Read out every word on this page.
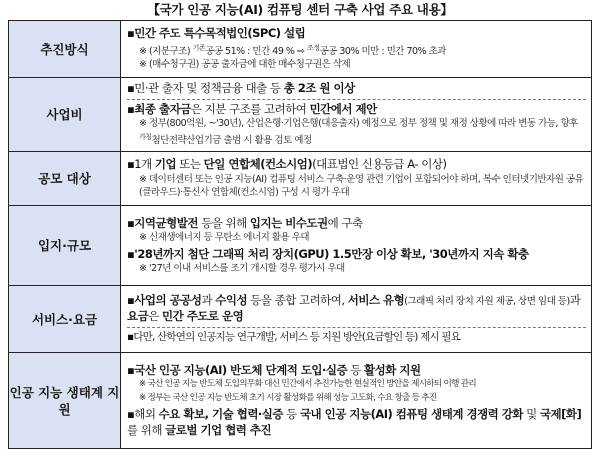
【국가 인공 지능(AI) 컴퓨팅 센터 구축 사업 주요 내용】
추진방식	▪민간 주도 특수목적법인(SPC) 설립
※ (지분구조) $^{기존}$공공 51% : 민간 49 % ⇨ $^{조정}$공공 30% 미만 : 민간 70% 초과
※ (매수청구권) 공공 출자금에 대한 매수청구권은 삭제

사업비	▪민·관 출자 및 정책금융 대출 등 총 2조 원 이상
▪최종 출자금은 지분 구조를 고려하여 민간에서 제안
※ 정부(800억원, ~'30년), 산업은행·기업은행(대응출자) 예정으로 정부 정책 및 재정 상황에 따라 변동 가능, 향후 $^{가칭}$첨단전략산업기금 출범 시 활용 검토 예정

공모 대상	▪1개 기업 또는 단일 연합체(컨소시엄)(대표법인 신용등급 A- 이상)
※ 데이터센터 또는 인공 지능(AI) 컴퓨팅 서비스 구축·운영 관련 기업이 포함되어야 하며, 복수 인터넷기반자원 공유(클라우드)·통신사 연합체(컨소시엄) 구성 시 평가 우대

입지·규모	▪지역균형발전 등을 위해 입지는 비수도권에 구축
※ 신재생에너지 등 무탄소 에너지 활용 우대
▪'28년까지 첨단 그래픽 처리 장치(GPU) 1.5만장 이상 확보, '30년까지 지속 확충
※ '27년 이내 서비스를 조기 개시할 경우 평가시 우대

서비스·요금	▪사업의 공공성과 수익성 등을 종합 고려하여, 서비스 유형(그래픽 처리 장치 자원 제공, 상면 임대 등)과 요금은 민간 주도로 운영
▪다만, 산학연의 인공지능 연구개발, 서비스 등 지원 방안(요금할인 등) 제시 필요

인공 지능 생태계 지원	▪국산 인공 지능(AI) 반도체 단계적 도입·실증 등 활성화 지원
※ 국산 인공 지능 반도체 도입의무화 대신 민간에서 추진가능한 현실적인 방안을 제시하되 이행 관리
※ 정부는 국산 인공 지능 반도체 초기 시장 활성화를 위해 성능 고도화, 수요 창출 등 추진
▪해외 수요 확보, 기술 협력·실증 등 국내 인공 지능(AI) 컴퓨팅 생태계 경쟁력 강화 및 국제[화]를 위해 글로벌 기업 협력 추진
